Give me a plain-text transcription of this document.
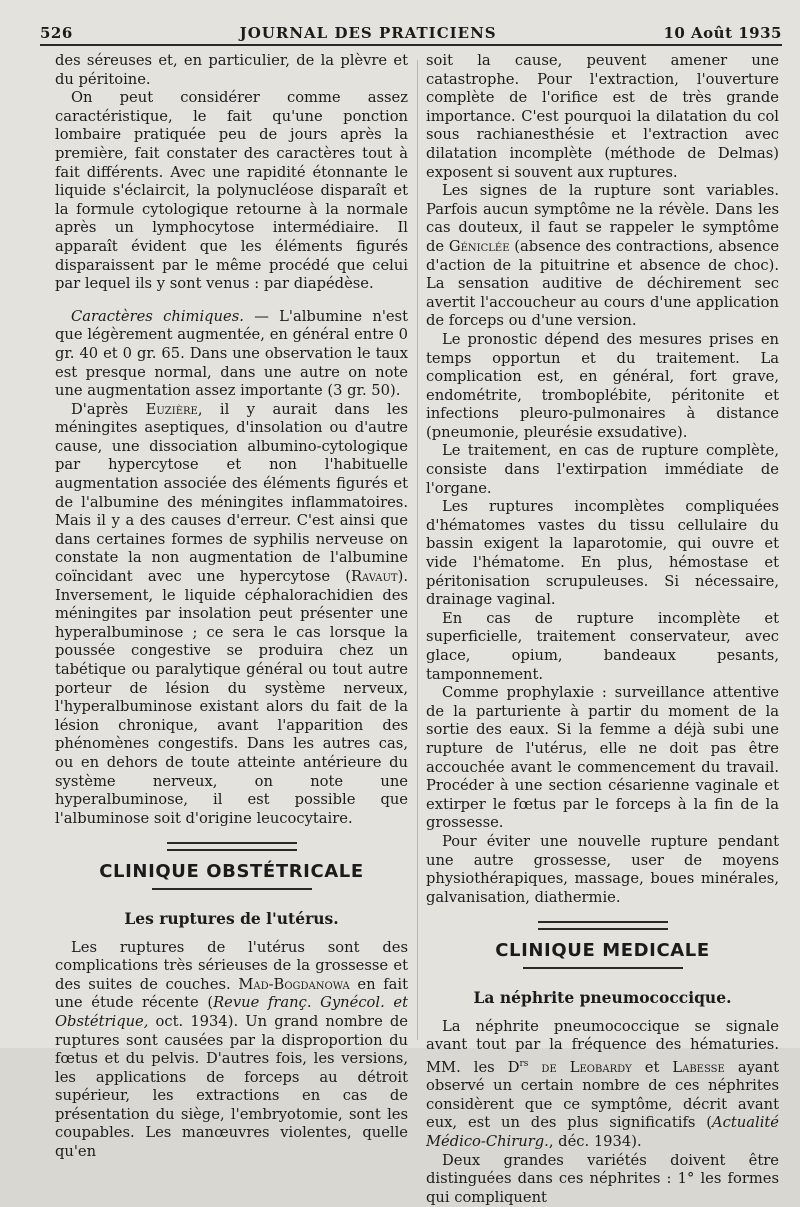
526	JOURNAL DES PRATICIENS	10 Août 1935

des séreuses et, en particulier, de la plèvre et du péritoine.

On peut considérer comme assez caractéristique, le fait qu'une ponction lombaire pratiquée peu de jours après la première, fait constater des caractères tout à fait différents. Avec une rapidité étonnante le liquide s'éclaircit, la polynucléose disparaît et la formule cytologique retourne à la normale après un lymphocytose intermédiaire. Il apparaît évident que les éléments figurés disparaissent par le même procédé que celui par lequel ils y sont venus : par diapédèse.

Caractères chimiques. — L'albumine n'est que légèrement augmentée, en général entre 0 gr. 40 et 0 gr. 65. Dans une observation le taux est presque normal, dans une autre on note une augmentation assez importante (3 gr. 50).

D'après Euzière, il y aurait dans les méningites aseptiques, d'insolation ou d'autre cause, une dissociation albumino-cytologique par hypercytose et non l'habituelle augmentation associée des éléments figurés et de l'albumine des méningites inflammatoires. Mais il y a des causes d'erreur. C'est ainsi que dans certaines formes de syphilis nerveuse on constate la non augmentation de l'albumine coïncidant avec une hypercytose (Ravaut). Inversement, le liquide céphalorachidien des méningites par insolation peut présenter une hyperalbuminose ; ce sera le cas lorsque la poussée congestive se produira chez un tabétique ou paralytique général ou tout autre porteur de lésion du système nerveux, l'hyperalbuminose existant alors du fait de la lésion chronique, avant l'apparition des phénomènes congestifs. Dans les autres cas, ou en dehors de toute atteinte antérieure du système nerveux, on note une hyperalbuminose, il est possible que l'albuminose soit d'origine leucocytaire.

CLINIQUE OBSTÉTRICALE
Les ruptures de l'utérus.

Les ruptures de l'utérus sont des complications très sérieuses de la grossesse et des suites de couches. Mad-Bogdanowa en fait une étude récente (Revue franç. Gynécol. et Obstétrique, oct. 1934). Un grand nombre de ruptures sont causées par la disproportion du fœtus et du pelvis. D'autres fois, les versions, les applications de forceps au détroit supérieur, les extractions en cas de présentation du siège, l'embryotomie, sont les coupables. Les manœuvres violentes, quelle qu'en

soit la cause, peuvent amener une catastrophe. Pour l'extraction, l'ouverture complète de l'orifice est de très grande importance. C'est pourquoi la dilatation du col sous rachianesthésie et l'extraction avec dilatation incomplète (méthode de Delmas) exposent si souvent aux ruptures.

Les signes de la rupture sont variables. Parfois aucun symptôme ne la révèle. Dans les cas douteux, il faut se rappeler le symptôme de Géniclée (absence des contractions, absence d'action de la pituitrine et absence de choc). La sensation auditive de déchirement sec avertit l'accoucheur au cours d'une application de forceps ou d'une version.

Le pronostic dépend des mesures prises en temps opportun et du traitement. La complication est, en général, fort grave, endométrite, tromboplébite, péritonite et infections pleuro-pulmonaires à distance (pneumonie, pleurésie exsudative).

Le traitement, en cas de rupture complète, consiste dans l'extirpation immédiate de l'organe.

Les ruptures incomplètes compliquées d'hématomes vastes du tissu cellulaire du bassin exigent la laparotomie, qui ouvre et vide l'hématome. En plus, hémostase et péritonisation scrupuleuses. Si nécessaire, drainage vaginal.

En cas de rupture incomplète et superficielle, traitement conservateur, avec glace, opium, bandeaux pesants, tamponnement.

Comme prophylaxie : surveillance attentive de la parturiente à partir du moment de la sortie des eaux. Si la femme a déjà subi une rupture de l'utérus, elle ne doit pas être accouchée avant le commencement du travail. Procéder à une section césarienne vaginale et extirper le fœtus par le forceps à la fin de la grossesse.

Pour éviter une nouvelle rupture pendant une autre grossesse, user de moyens physiothérapiques, massage, boues minérales, galvanisation, diathermie.

CLINIQUE MEDICALE
La néphrite pneumococcique.

La néphrite pneumococcique se signale avant tout par la fréquence des hématuries. MM. les $D^{rs}$ de Leobardy et Labesse ayant observé un certain nombre de ces néphrites considèrent que ce symptôme, décrit avant eux, est un des plus significatifs (Actualité Médico-Chirurg., déc. 1934).

Deux grandes variétés doivent être distinguées dans ces néphrites : 1° les formes qui compliquent
